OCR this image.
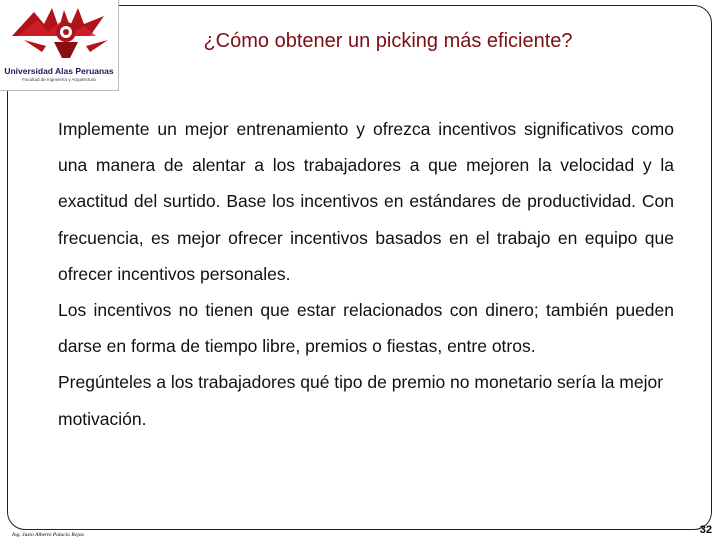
Universidad Alas Peruanas
Facultad de Ingeniería y Arquitectura
¿Cómo obtener un picking más eficiente?

Implemente un mejor entrenamiento y ofrezca incentivos significativos como una manera de alentar a los trabajadores a que mejoren la velocidad y la exactitud del surtido. Base los incentivos en estándares de productividad. Con frecuencia, es mejor ofrecer incentivos basados en el trabajo en equipo que ofrecer incentivos personales.

Los incentivos no tienen que estar relacionados con dinero; también pueden darse en forma de tiempo libre, premios o fiestas, entre otros.

Pregúnteles a los trabajadores qué tipo de premio no monetario sería la mejor motivación.

Ing. Justo Alberto Palacio Rojas	32
